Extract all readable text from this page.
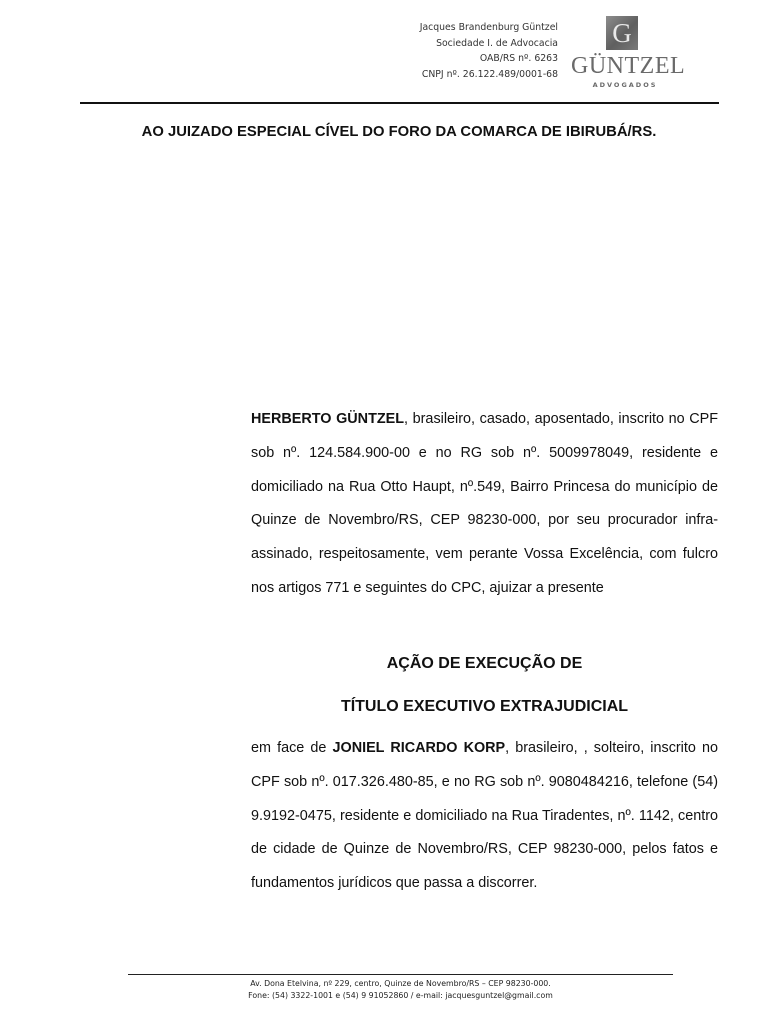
Jacques Brandenburg Güntzel
Sociedade I. de Advocacia
OAB/RS nº. 6263
CNPJ nº. 26.122.489/0001-68
G
GÜNTZEL
ADVOGADOS
AO JUIZADO ESPECIAL CÍVEL DO FORO DA COMARCA DE IBIRUBÁ/RS.

HERBERTO GÜNTZEL, brasileiro, casado, aposentado, inscrito no CPF sob nº. 124.584.900-00 e no RG sob nº. 5009978049, residente e domiciliado na Rua Otto Haupt, nº.549, Bairro Princesa do município de Quinze de Novembro/RS, CEP 98230-000, por seu procurador infra-assinado, respeitosamente, vem perante Vossa Excelência, com fulcro nos artigos 771 e seguintes do CPC, ajuizar a presente

AÇÃO DE EXECUÇÃO DE
TÍTULO EXECUTIVO EXTRAJUDICIAL

em face de JONIEL RICARDO KORP, brasileiro, , solteiro, inscrito no CPF sob nº. 017.326.480-85, e no RG sob nº. 9080484216, telefone (54) 9.9192-0475, residente e domiciliado na Rua Tiradentes, nº. 1142, centro de cidade de Quinze de Novembro/RS, CEP 98230-000, pelos fatos e fundamentos jurídicos que passa a discorrer.

Av. Dona Etelvina, nº 229, centro, Quinze de Novembro/RS – CEP 98230-000.
Fone: (54) 3322-1001 e (54) 9 91052860 / e-mail: jacquesguntzel@gmail.com
